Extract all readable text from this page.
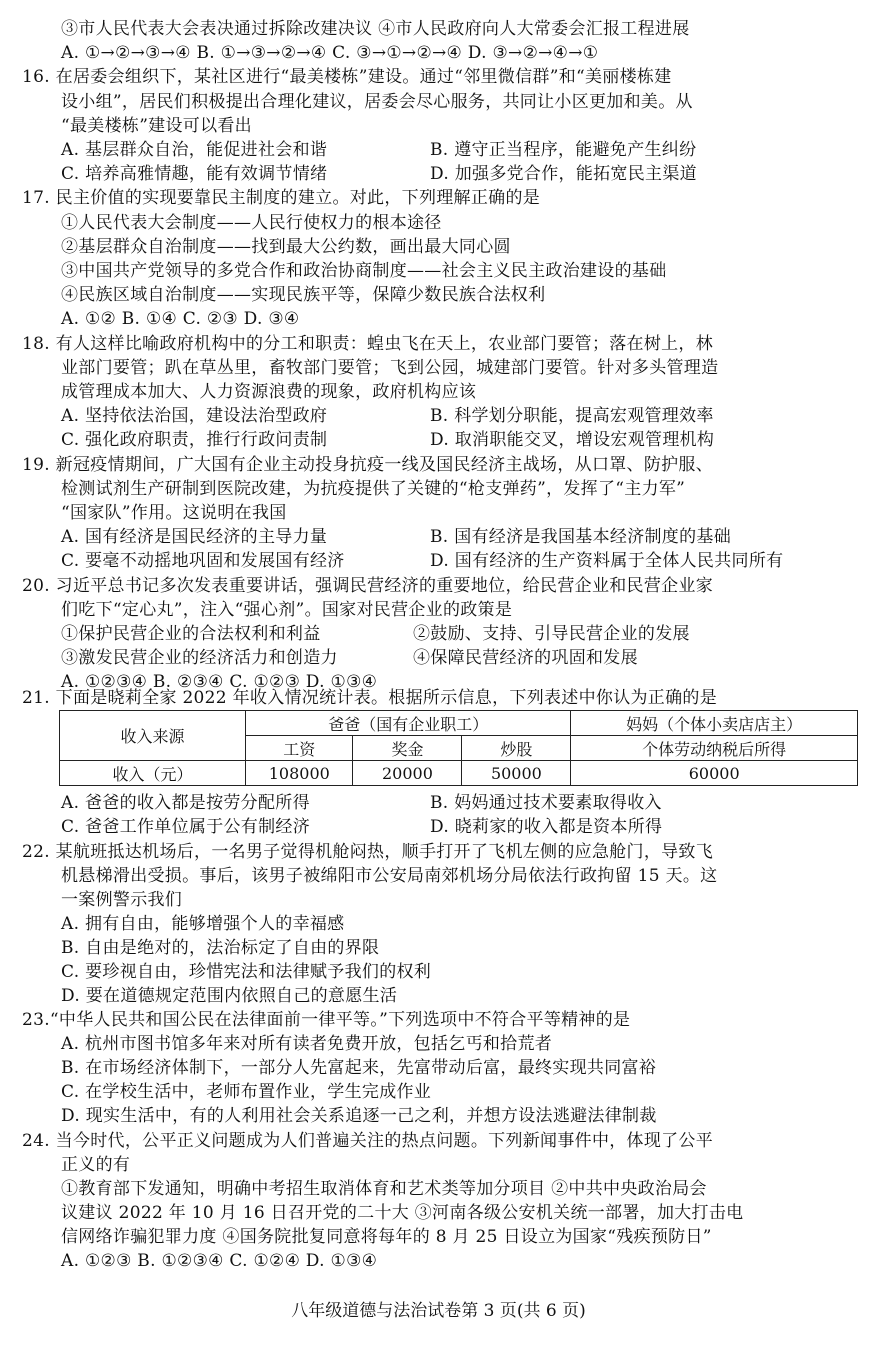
③市人民代表大会表决通过拆除改建决议 ④市人民政府向人大常委会汇报工程进展
A. ①→②→③→④ B. ①→③→②→④ C. ③→①→②→④ D. ③→②→④→①
16. 在居委会组织下，某社区进行“最美楼栋”建设。通过“邻里微信群”和“美丽楼栋建
设小组”，居民们积极提出合理化建议，居委会尽心服务，共同让小区更加和美。从
“最美楼栋”建设可以看出
A. 基层群众自治，能促进社会和谐	B. 遵守正当程序，能避免产生纠纷
C. 培养高雅情趣，能有效调节情绪	D. 加强多党合作，能拓宽民主渠道
17. 民主价值的实现要靠民主制度的建立。对此，下列理解正确的是
①人民代表大会制度——人民行使权力的根本途径
②基层群众自治制度——找到最大公约数，画出最大同心圆
③中国共产党领导的多党合作和政治协商制度——社会主义民主政治建设的基础
④民族区域自治制度——实现民族平等，保障少数民族合法权利
A. ①② B. ①④ C. ②③ D. ③④
18. 有人这样比喻政府机构中的分工和职责：蝗虫飞在天上，农业部门要管；落在树上，林
业部门要管；趴在草丛里，畜牧部门要管；飞到公园，城建部门要管。针对多头管理造
成管理成本加大、人力资源浪费的现象，政府机构应该
A. 坚持依法治国，建设法治型政府	B. 科学划分职能，提高宏观管理效率
C. 强化政府职责，推行行政问责制	D. 取消职能交叉，增设宏观管理机构
19. 新冠疫情期间，广大国有企业主动投身抗疫一线及国民经济主战场，从口罩、防护服、
检测试剂生产研制到医院改建，为抗疫提供了关键的“枪支弹药”，发挥了“主力军”
“国家队”作用。这说明在我国
A. 国有经济是国民经济的主导力量	B. 国有经济是我国基本经济制度的基础
C. 要毫不动摇地巩固和发展国有经济	D. 国有经济的生产资料属于全体人民共同所有
20. 习近平总书记多次发表重要讲话，强调民营经济的重要地位，给民营企业和民营企业家
们吃下“定心丸”，注入“强心剂”。国家对民营企业的政策是
①保护民营企业的合法权利和利益	②鼓励、支持、引导民营企业的发展
③激发民营企业的经济活力和创造力	④保障民营经济的巩固和发展
A. ①②③④ B. ②③④ C. ①②③ D. ①③④
21. 下面是晓莉全家 2022 年收入情况统计表。根据所示信息，下列表述中你认为正确的是
收入来源	爸爸（国有企业职工）			妈妈（个体小卖店店主）
	工资	奖金	炒股	个体劳动纳税后所得
收入（元）	108000	20000	50000	60000
A. 爸爸的收入都是按劳分配所得	B. 妈妈通过技术要素取得收入
C. 爸爸工作单位属于公有制经济	D. 晓莉家的收入都是资本所得
22. 某航班抵达机场后，一名男子觉得机舱闷热，顺手打开了飞机左侧的应急舱门，导致飞
机悬梯滑出受损。事后，该男子被绵阳市公安局南郊机场分局依法行政拘留 15 天。这
一案例警示我们
A. 拥有自由，能够增强个人的幸福感
B. 自由是绝对的，法治标定了自由的界限
C. 要珍视自由，珍惜宪法和法律赋予我们的权利
D. 要在道德规定范围内依照自己的意愿生活
23.“中华人民共和国公民在法律面前一律平等。”下列选项中不符合平等精神的是
A. 杭州市图书馆多年来对所有读者免费开放，包括乞丐和拾荒者
B. 在市场经济体制下，一部分人先富起来，先富带动后富，最终实现共同富裕
C. 在学校生活中，老师布置作业，学生完成作业
D. 现实生活中，有的人利用社会关系追逐一己之利，并想方设法逃避法律制裁
24. 当今时代，公平正义问题成为人们普遍关注的热点问题。下列新闻事件中，体现了公平
正义的有
①教育部下发通知，明确中考招生取消体育和艺术类等加分项目 ②中共中央政治局会
议建议 2022 年 10 月 16 日召开党的二十大 ③河南各级公安机关统一部署，加大打击电
信网络诈骗犯罪力度 ④国务院批复同意将每年的 8 月 25 日设立为国家“残疾预防日”
A. ①②③ B. ①②③④ C. ①②④ D. ①③④
八年级道德与法治试卷第 3 页(共 6 页)
